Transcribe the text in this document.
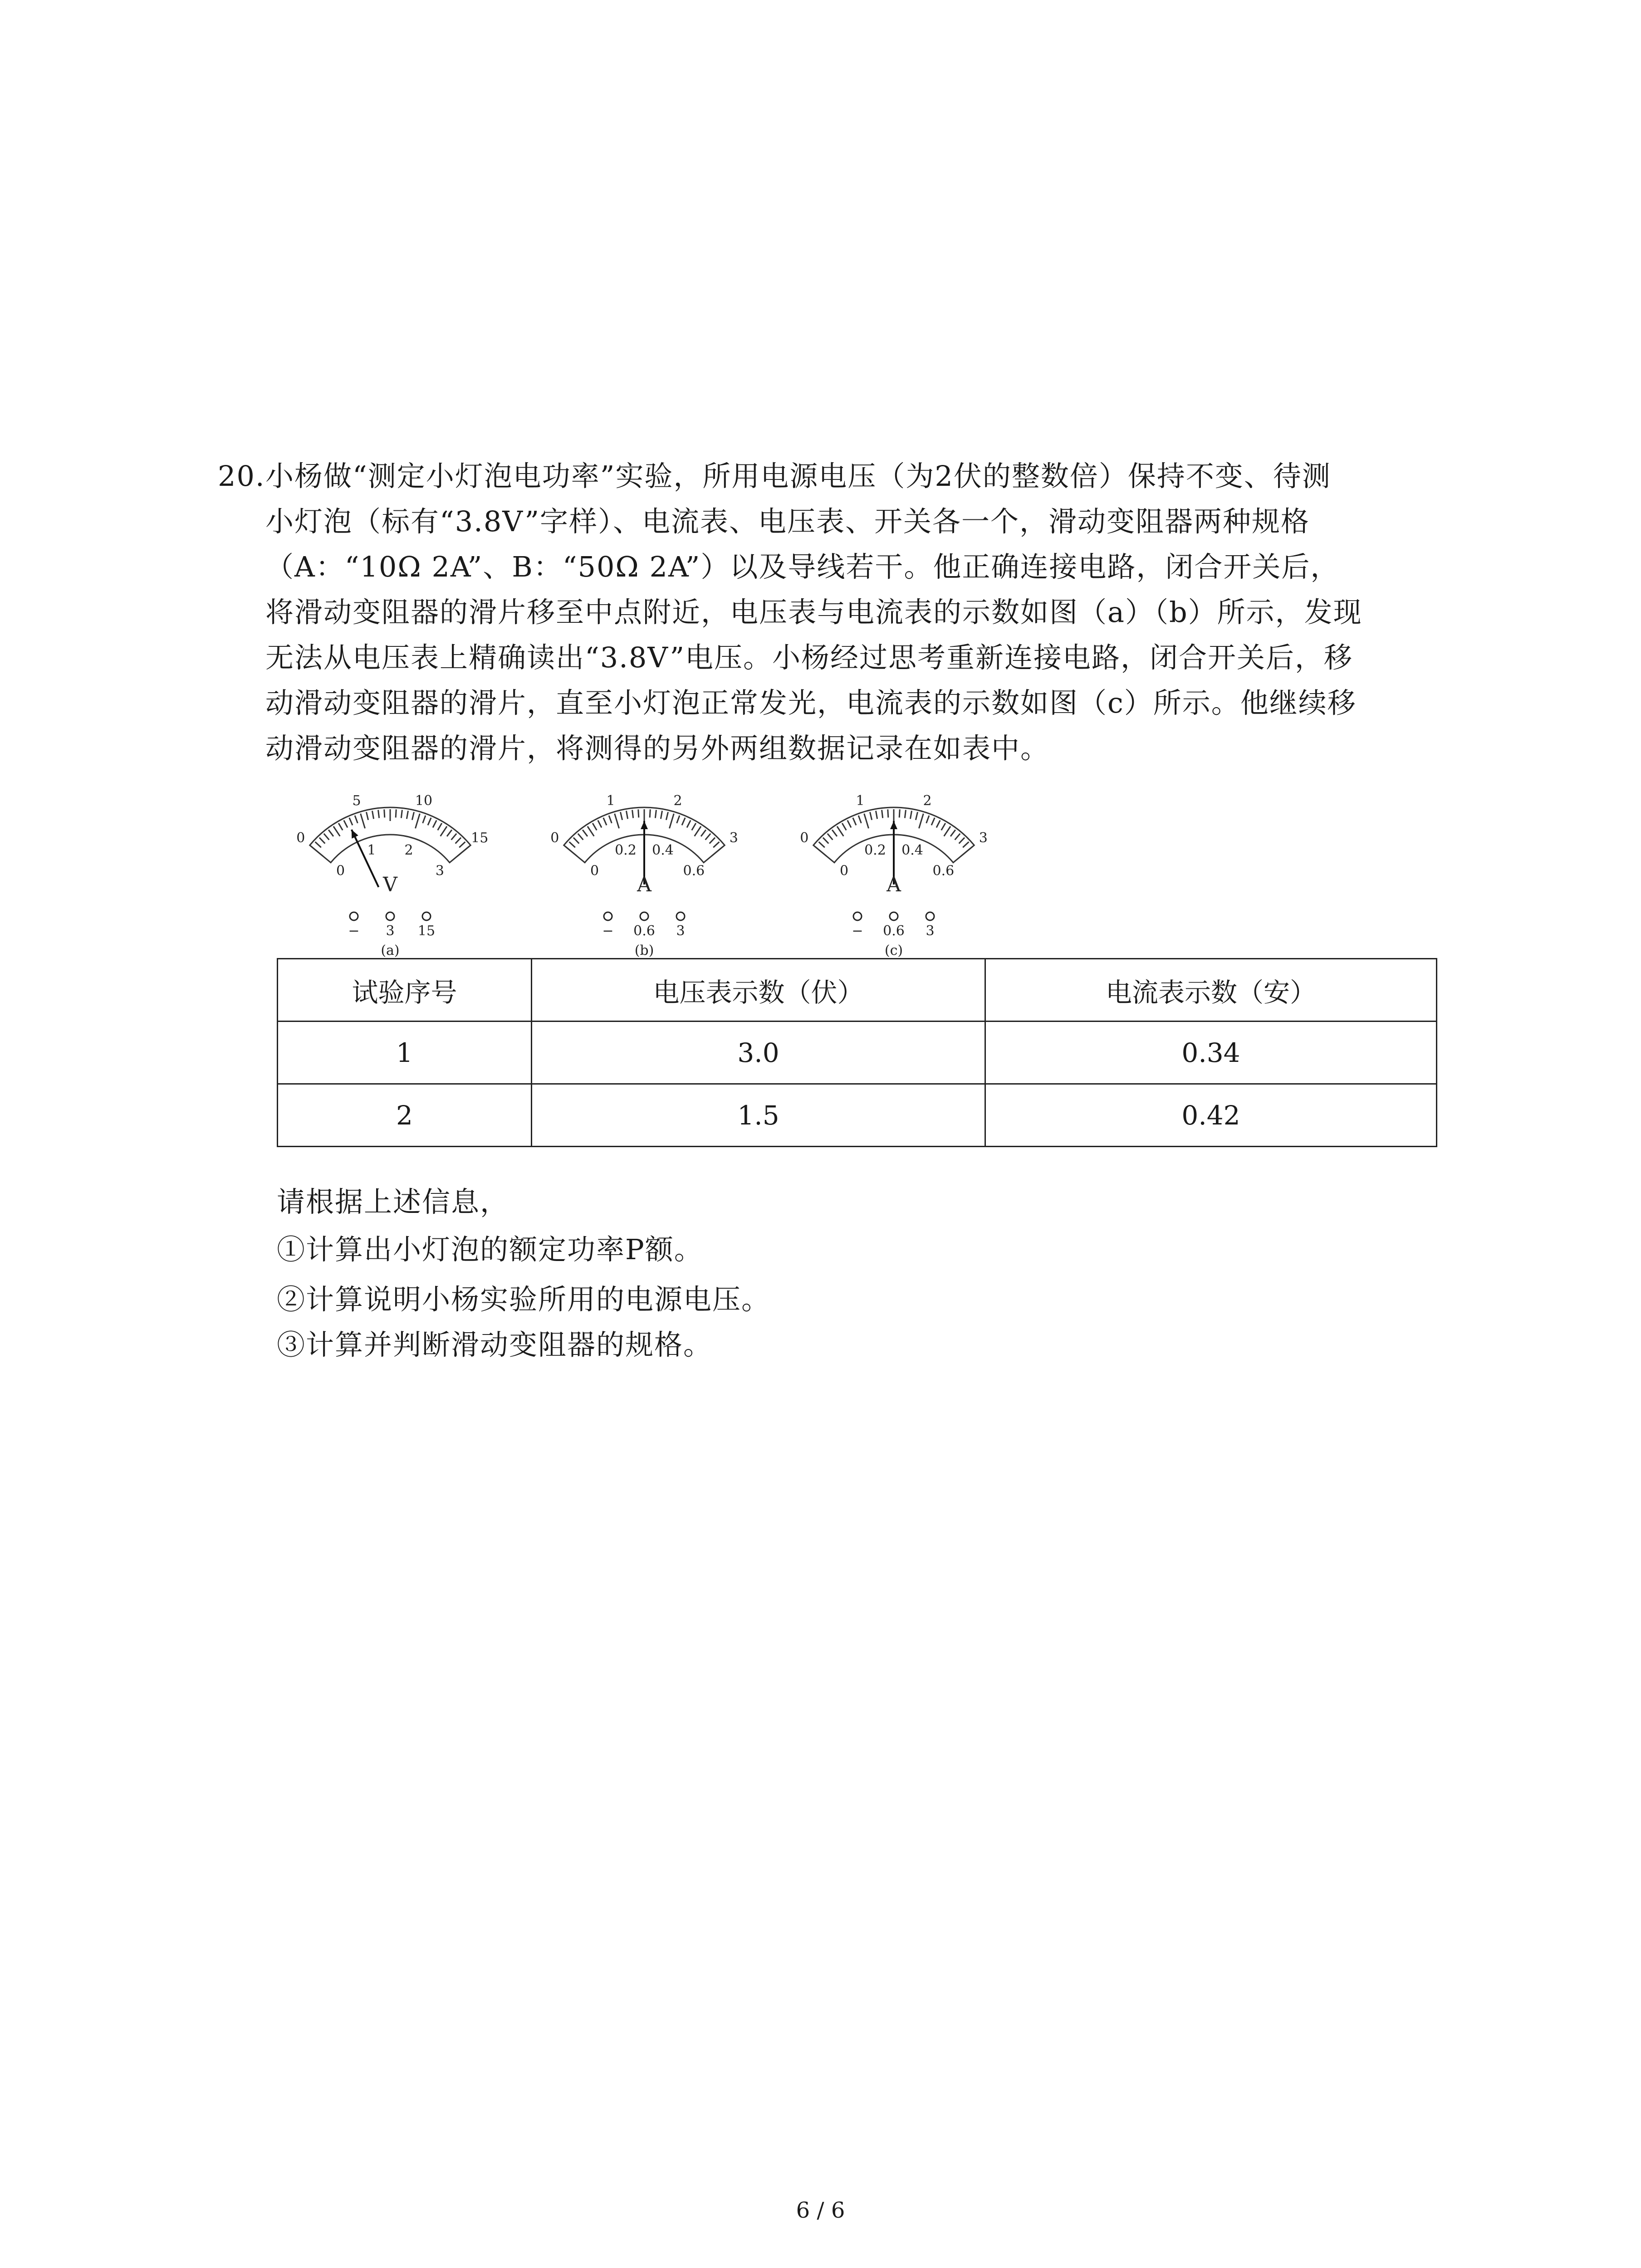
20. 小杨做“测定小灯泡电功率”实验，所用电源电压（为2伏的整数倍）保持不变、待测
小灯泡（标有“3.8V”字样）、电流表、电压表、开关各一个，滑动变阻器两种规格
（A：“10Ω 2A”、B：“50Ω 2A”）以及导线若干。他正确连接电路，闭合开关后，
将滑动变阻器的滑片移至中点附近，电压表与电流表的示数如图（a）（b）所示，发现
无法从电压表上精确读出“3.8V”电压。小杨经过思考重新连接电路，闭合开关后，移
动滑动变阻器的滑片，直至小灯泡正常发光，电流表的示数如图（c）所示。他继续移
动滑动变阻器的滑片，将测得的另外两组数据记录在如表中。
0
5	10
15
0
1 2
3
V
− 3 15
(a)
0
1	2
3
0
0.2 0.4
0.6
A
− 0.6 3
(b)
0
1	2
3
0
0.2 0.4
0.6
A
− 0.6 3
(c)
试验序号	电压表示数（伏）	电流表示数（安）
1	3.0	0.34
2	1.5	0.42
请根据上述信息，
①计算出小灯泡的额定功率P额。
②计算说明小杨实验所用的电源电压。
③计算并判断滑动变阻器的规格。
6 / 6
